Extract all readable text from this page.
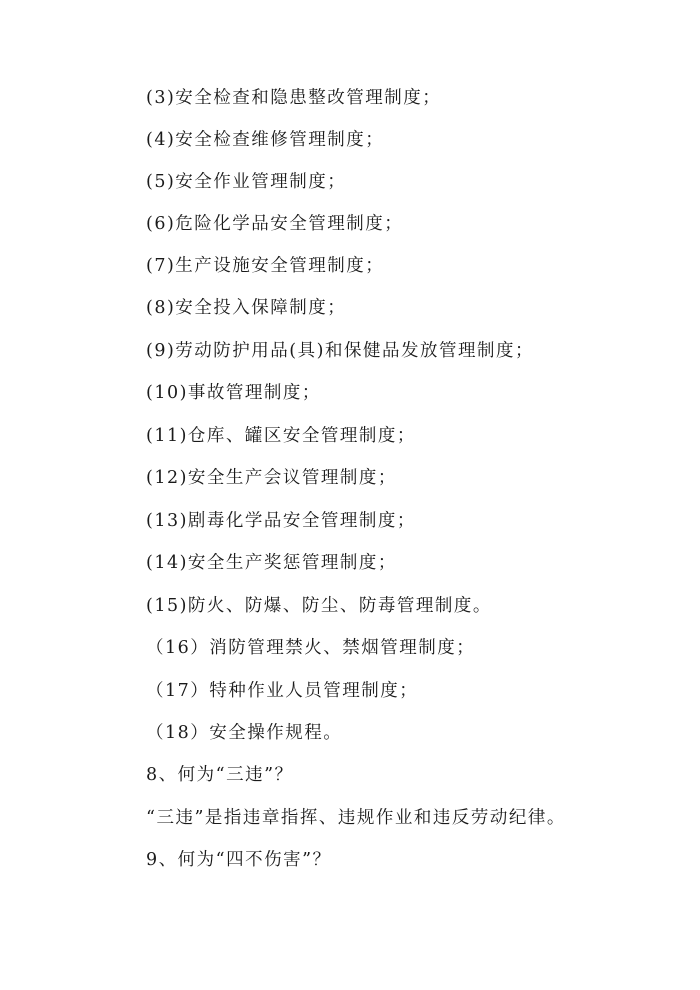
(3)安全检查和隐患整改管理制度；
(4)安全检查维修管理制度；
(5)安全作业管理制度；
(6)危险化学品安全管理制度；
(7)生产设施安全管理制度；
(8)安全投入保障制度；
(9)劳动防护用品(具)和保健品发放管理制度；
(10)事故管理制度；
(11)仓库、罐区安全管理制度；
(12)安全生产会议管理制度；
(13)剧毒化学品安全管理制度；
(14)安全生产奖惩管理制度；
(15)防火、防爆、防尘、防毒管理制度。
（16）消防管理禁火、禁烟管理制度；
（17）特种作业人员管理制度；
（18）安全操作规程。
8、何为“三违”？
“三违”是指违章指挥、违规作业和违反劳动纪律。
9、何为“四不伤害”？
